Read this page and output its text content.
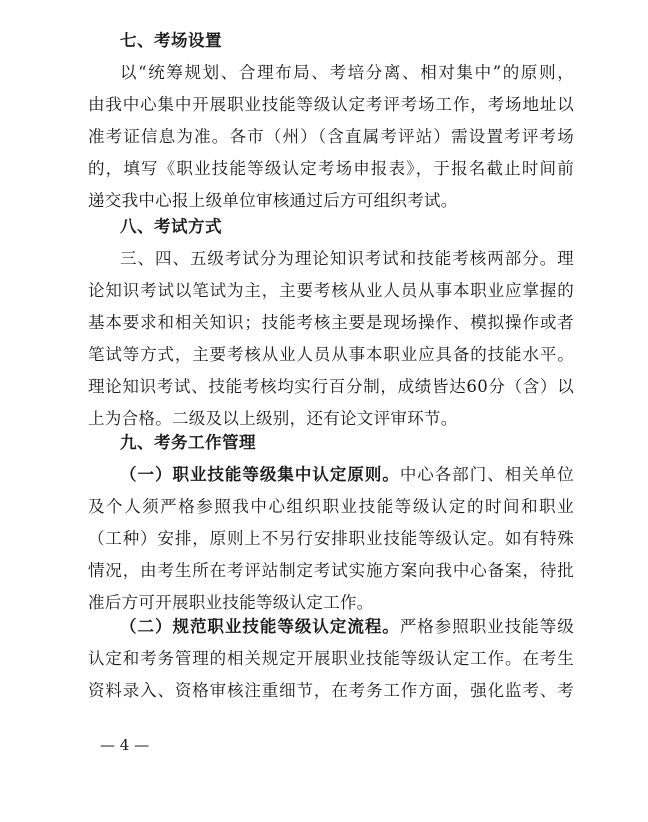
七、考场设置
以“统筹规划、合理布局、考培分离、相对集中”的原则，
由我中心集中开展职业技能等级认定考评考场工作，考场地址以
准考证信息为准。各市（州）（含直属考评站）需设置考评考场
的，填写《职业技能等级认定考场申报表》，于报名截止时间前
递交我中心报上级单位审核通过后方可组织考试。
八、考试方式
三、四、五级考试分为理论知识考试和技能考核两部分。理
论知识考试以笔试为主，主要考核从业人员从事本职业应掌握的
基本要求和相关知识；技能考核主要是现场操作、模拟操作或者
笔试等方式，主要考核从业人员从事本职业应具备的技能水平。
理论知识考试、技能考核均实行百分制，成绩皆达60分（含）以
上为合格。二级及以上级别，还有论文评审环节。
九、考务工作管理
（一）职业技能等级集中认定原则。中心各部门、相关单位
及个人须严格参照我中心组织职业技能等级认定的时间和职业
（工种）安排，原则上不另行安排职业技能等级认定。如有特殊
情况，由考生所在考评站制定考试实施方案向我中心备案，待批
准后方可开展职业技能等级认定工作。
（二）规范职业技能等级认定流程。严格参照职业技能等级
认定和考务管理的相关规定开展职业技能等级认定工作。在考生
资料录入、资格审核注重细节，在考务工作方面，强化监考、考
— 4 —
